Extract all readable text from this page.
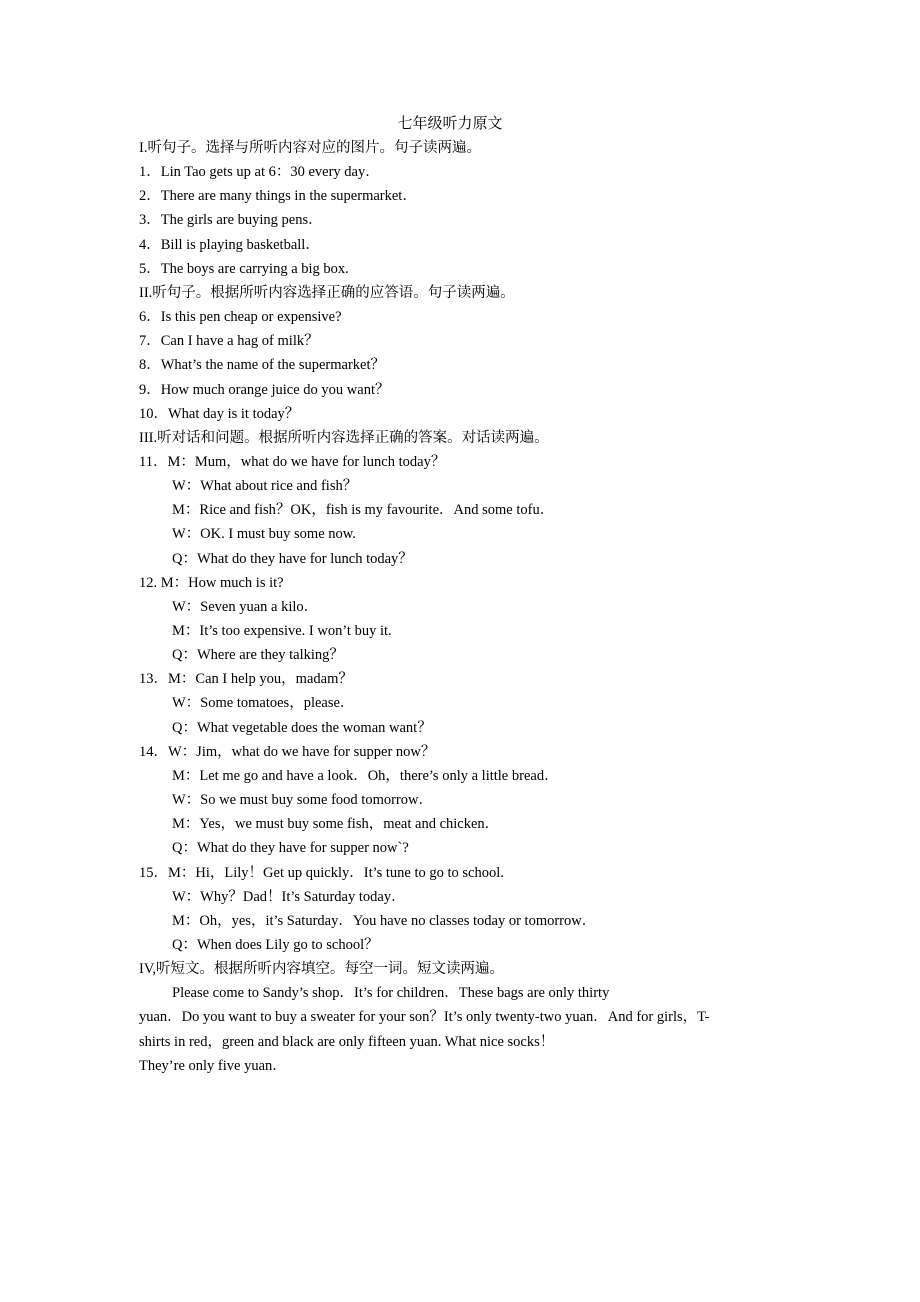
七年级听力原文
I.听句子。选择与所听内容对应的图片。句子读两遍。
1．Lin Tao gets up at 6：30 every day．
2．There are many things in the supermarket．
3．The girls are buying pens．
4．Bill is playing basketball．
5．The boys are carrying a big box.
II.听句子。根据所听内容选择正确的应答语。句子读两遍。
6．Is this pen cheap or expensive?
7．Can I have a hag of milk？
8．What’s the name of the supermarket？
9．How much orange juice do you want？
10．What day is it today？
III.听对话和问题。根据所听内容选择正确的答案。对话读两遍。
11．M：Mum，what do we have for lunch today？
W：What about rice and fish？
M：Rice and fish？OK，fish is my favourite．And some tofu．
W：OK. I must buy some now.
Q：What do they have for lunch today？
12. M：How much is it?
W：Seven yuan a kilo．
M：It’s too expensive. I won’t buy it.
Q：Where are they talking？
13．M：Can I help you，madam？
W：Some tomatoes，please．
Q：What vegetable does the woman want？
14．W：Jim，what do we have for supper now？
M：Let me go and have a look．Oh，there’s only a little bread．
W：So we must buy some food tomorrow．
M：Yes，we must buy some fish，meat and chicken．
Q：What do they have for supper now`?
15．M：Hi，Lily！Get up quickly．It’s tune to go to school.
W：Why？Dad！It’s Saturday today．
M：Oh，yes，it’s Saturday．You have no classes today or tomorrow．
Q：When does Lily go to school？
IV,听短文。根据所听内容填空。每空一词。短文读两遍。
Please come to Sandy’s shop．It’s for children．These bags are only thirty
yuan．Do you want to buy a sweater for your son？It’s only twenty-two yuan．And for girls，T-
shirts in red，green and black are only fifteen yuan. What nice socks！
They’re only five yuan．
